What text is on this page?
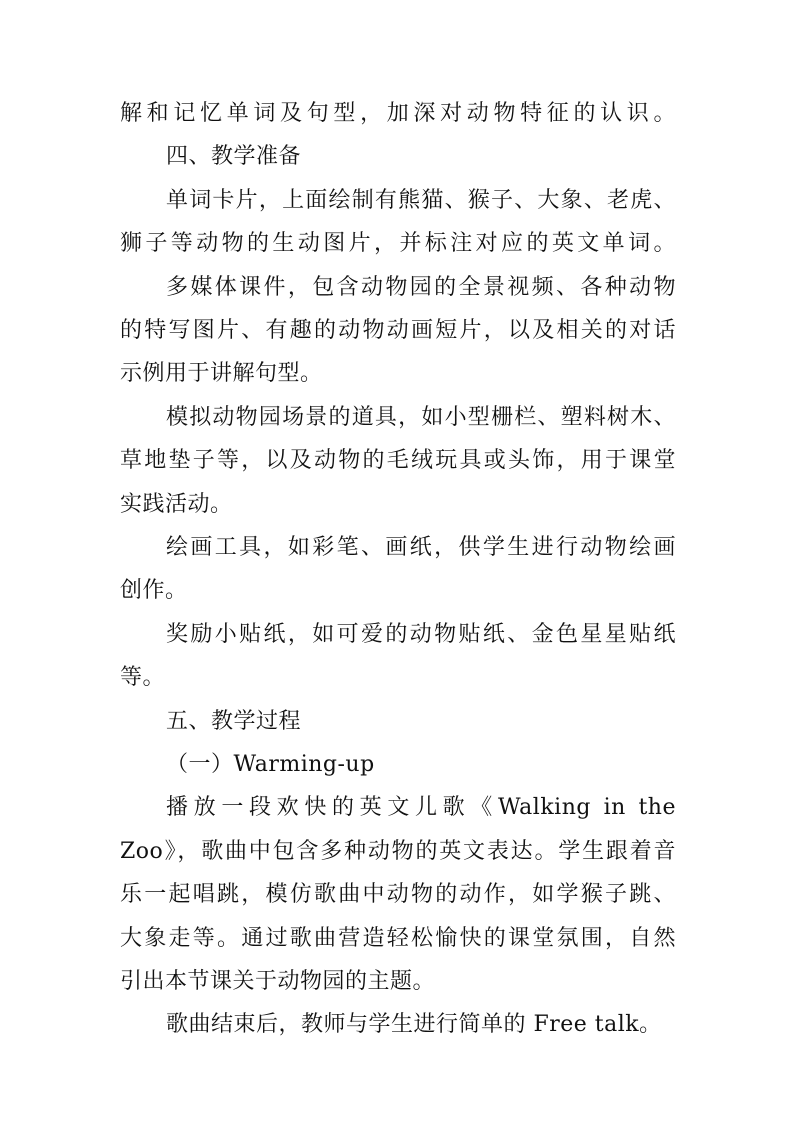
解和记忆单词及句型，加深对动物特征的认识。
四、教学准备
单词卡片，上面绘制有熊猫、猴子、大象、老虎、
狮子等动物的生动图片，并标注对应的英文单词。
多媒体课件，包含动物园的全景视频、各种动物
的特写图片、有趣的动物动画短片，以及相关的对话
示例用于讲解句型。
模拟动物园场景的道具，如小型栅栏、塑料树木、
草地垫子等，以及动物的毛绒玩具或头饰，用于课堂
实践活动。
绘画工具，如彩笔、画纸，供学生进行动物绘画
创作。
奖励小贴纸，如可爱的动物贴纸、金色星星贴纸
等。
五、教学过程
（一）Warming-up
播放一段欢快的英文儿歌《Walking in the
Zoo》，歌曲中包含多种动物的英文表达。学生跟着音
乐一起唱跳，模仿歌曲中动物的动作，如学猴子跳、
大象走等。通过歌曲营造轻松愉快的课堂氛围，自然
引出本节课关于动物园的主题。
歌曲结束后，教师与学生进行简单的 Free talk。
